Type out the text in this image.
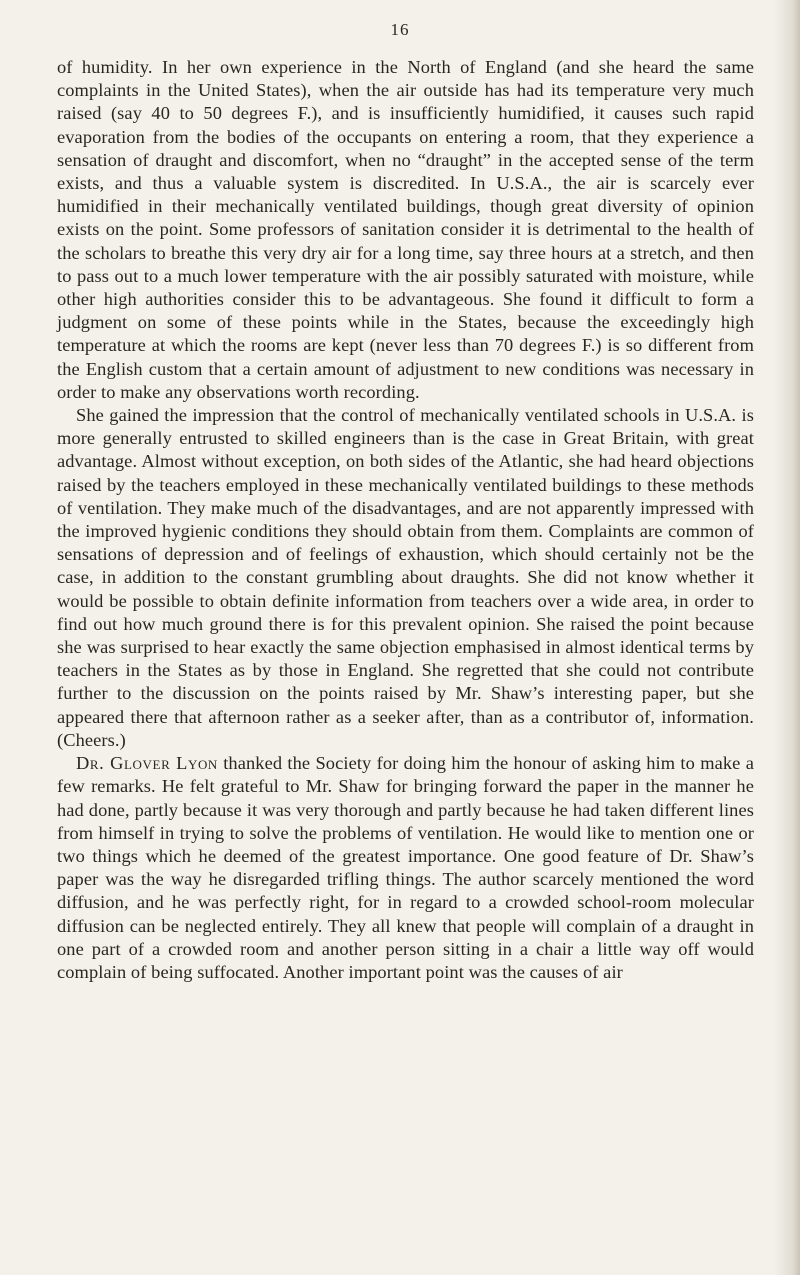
16

of humidity. In her own experience in the North of England (and she heard the same complaints in the United States), when the air outside has had its temperature very much raised (say 40 to 50 degrees F.), and is insufficiently humidified, it causes such rapid evaporation from the bodies of the occupants on entering a room, that they experience a sensation of draught and discomfort, when no “draught” in the accepted sense of the term exists, and thus a valuable system is discredited. In U.S.A., the air is scarcely ever humidified in their mechanically ventilated buildings, though great diversity of opinion exists on the point. Some professors of sanitation consider it is detrimental to the health of the scholars to breathe this very dry air for a long time, say three hours at a stretch, and then to pass out to a much lower temperature with the air possibly saturated with moisture, while other high authorities consider this to be advantageous. She found it difficult to form a judgment on some of these points while in the States, because the exceedingly high temperature at which the rooms are kept (never less than 70 degrees F.) is so different from the English custom that a certain amount of adjustment to new conditions was necessary in order to make any observations worth recording.

She gained the impression that the control of mechanically ventilated schools in U.S.A. is more generally entrusted to skilled engineers than is the case in Great Britain, with great advantage. Almost without exception, on both sides of the Atlantic, she had heard objections raised by the teachers employed in these mechanically ventilated buildings to these methods of ventilation. They make much of the disadvantages, and are not apparently impressed with the improved hygienic conditions they should obtain from them. Complaints are common of sensations of depression and of feelings of exhaustion, which should certainly not be the case, in addition to the constant grumbling about draughts. She did not know whether it would be possible to obtain definite information from teachers over a wide area, in order to find out how much ground there is for this prevalent opinion. She raised the point because she was surprised to hear exactly the same objection emphasised in almost identical terms by teachers in the States as by those in England. She regretted that she could not contribute further to the discussion on the points raised by Mr. Shaw’s interesting paper, but she appeared there that afternoon rather as a seeker after, than as a contributor of, information. (Cheers.)

Dr. Glover Lyon thanked the Society for doing him the honour of asking him to make a few remarks. He felt grateful to Mr. Shaw for bringing forward the paper in the manner he had done, partly because it was very thorough and partly because he had taken different lines from himself in trying to solve the problems of ventilation. He would like to mention one or two things which he deemed of the greatest importance. One good feature of Dr. Shaw’s paper was the way he disregarded trifling things. The author scarcely mentioned the word diffusion, and he was perfectly right, for in regard to a crowded school-room molecular diffusion can be neglected entirely. They all knew that people will complain of a draught in one part of a crowded room and another person sitting in a chair a little way off would complain of being suffocated. Another important point was the causes of air
